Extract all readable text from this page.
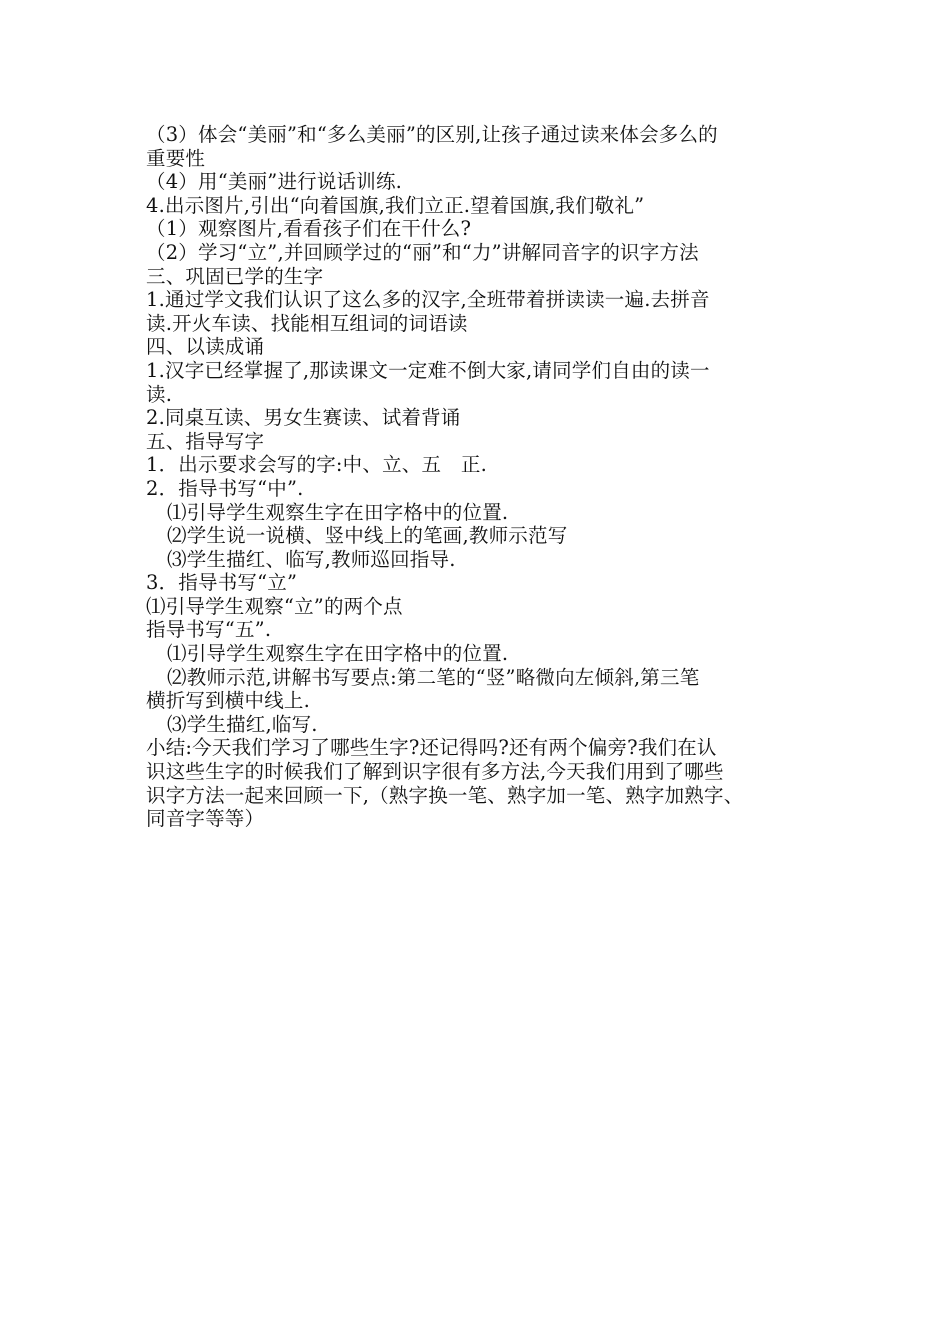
（3）体会“美丽”和“多么美丽”的区别,让孩子通过读来体会多么的
重要性
（4）用“美丽”进行说话训练.
4.出示图片,引出“向着国旗,我们立正.望着国旗,我们敬礼”
（1）观察图片,看看孩子们在干什么?
（2）学习“立”,并回顾学过的“丽”和“力”讲解同音字的识字方法
三、巩固已学的生字
1.通过学文我们认识了这么多的汉字,全班带着拼读读一遍.去拼音
读.开火车读、找能相互组词的词语读
四、以读成诵
1.汉字已经掌握了,那读课文一定难不倒大家,请同学们自由的读一
读.
2.同桌互读、男女生赛读、试着背诵
五、指导写字
1．出示要求会写的字:中、立、五　正.
2．指导书写“中”.
⑴引导学生观察生字在田字格中的位置.
⑵学生说一说横、竖中线上的笔画,教师示范写
⑶学生描红、临写,教师巡回指导.
3．指导书写“立”
⑴引导学生观察“立”的两个点
指导书写“五”.
⑴引导学生观察生字在田字格中的位置.
⑵教师示范,讲解书写要点:第二笔的“竖”略微向左倾斜,第三笔
横折写到横中线上.
⑶学生描红,临写.
小结:今天我们学习了哪些生字?还记得吗?还有两个偏旁?我们在认
识这些生字的时候我们了解到识字很有多方法,今天我们用到了哪些
识字方法一起来回顾一下,（熟字换一笔、熟字加一笔、熟字加熟字、
同音字等等）
